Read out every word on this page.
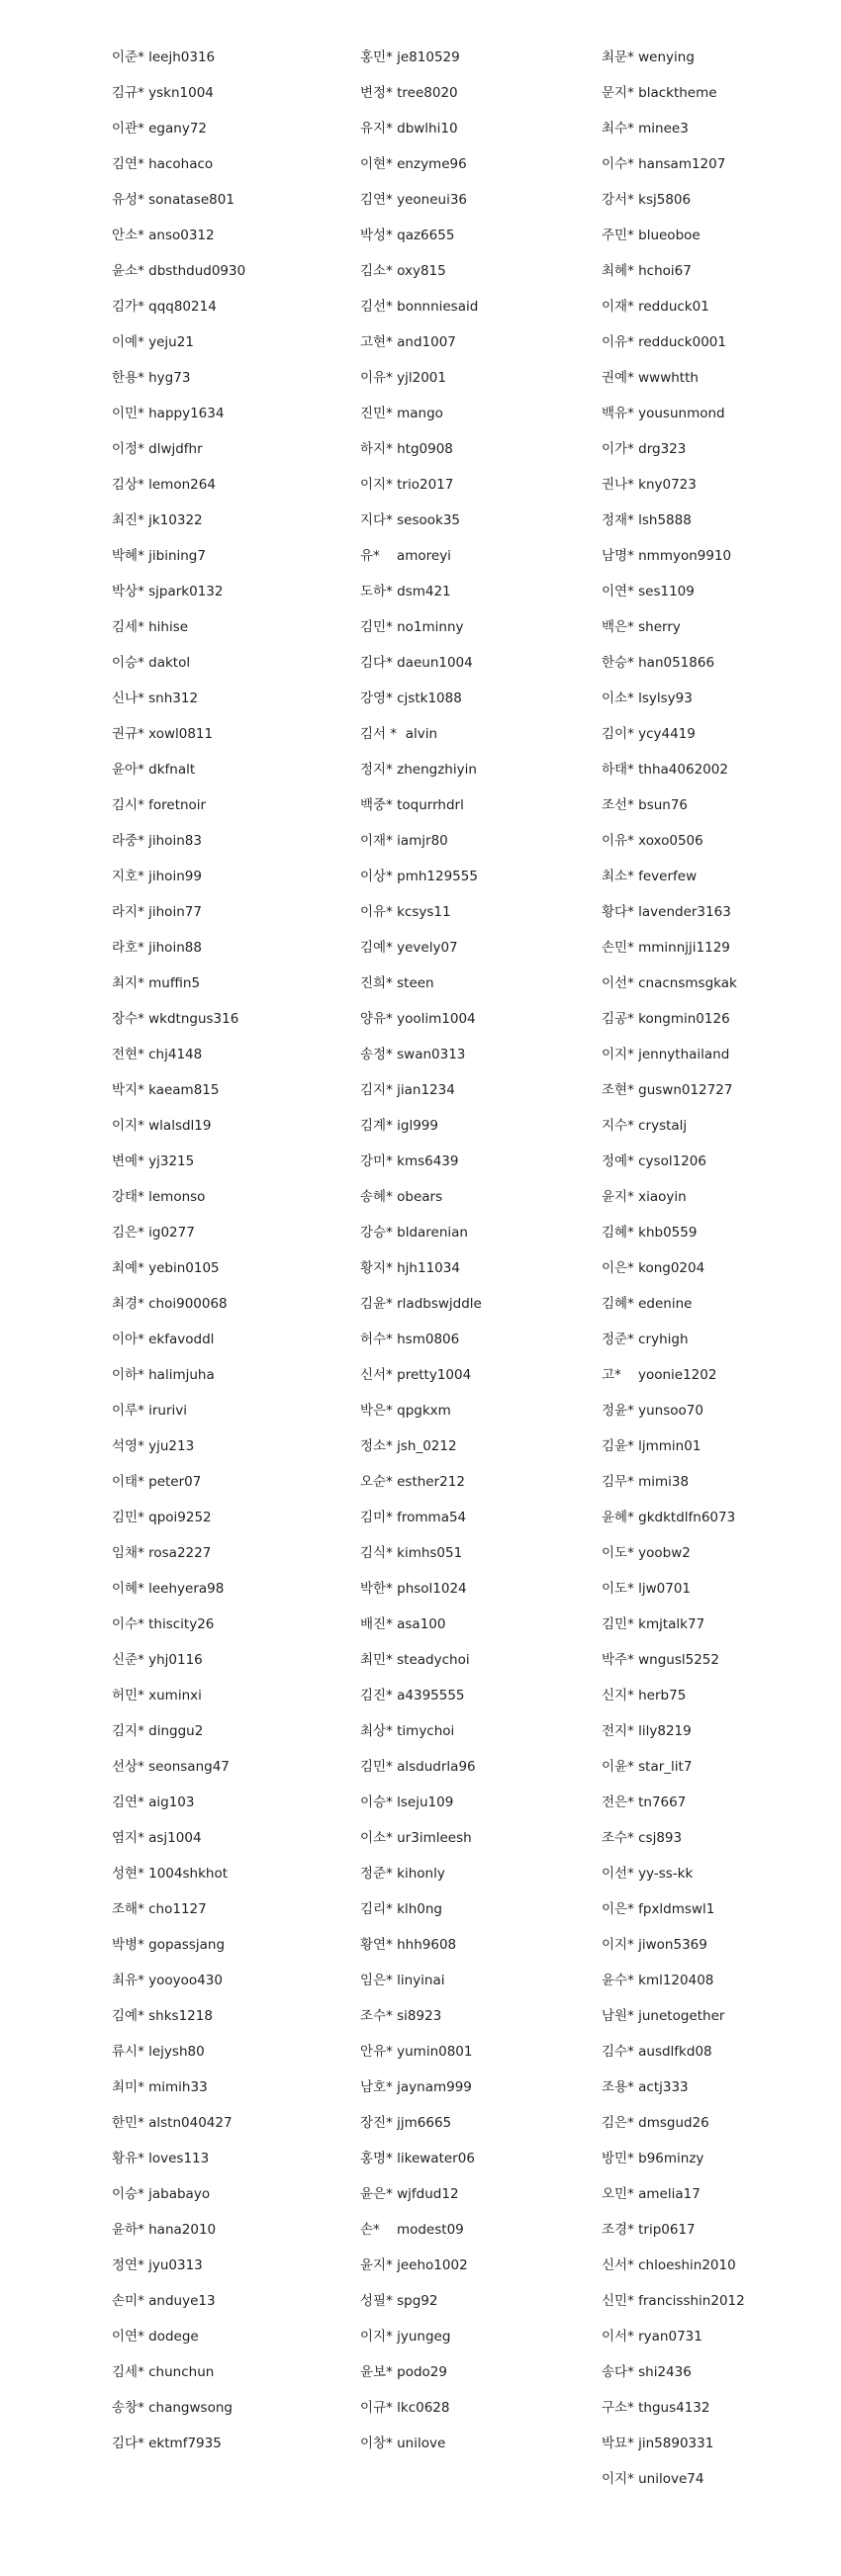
이준* leejh0316
김규* yskn1004
이관* egany72
김연* hacohaco
유성* sonatase801
안소* anso0312
윤소* dbsthdud0930
김가* qqq80214
이예* yeju21
한용* hyg73
이민* happy1634
이정* dlwjdfhr
김상* lemon264
최진* jk10322
박혜* jibining7
박상* sjpark0132
김세* hihise
이승* daktol
신나* snh312
권규* xowl0811
윤아* dkfnalt
김시* foretnoir
라중* jihoin83
지호* jihoin99
라지* jihoin77
라호* jihoin88
최지* muffin5
장수* wkdtngus316
전현* chj4148
박지* kaeam815
이지* wlalsdl19
변예* yj3215
강태* lemonso
김은* ig0277
최예* yebin0105
최경* choi900068
이아* ekfavoddl
이하* halimjuha
이루* irurivi
석영* yju213
이태* peter07
김민* qpoi9252
임채* rosa2227
이혜* leehyera98
이수* thiscity26
신준* yhj0116
허민* xuminxi
김지* dinggu2
선상* seonsang47
김연* aig103
염지* asj1004
성현* 1004shkhot
조해* cho1127
박병* gopassjang
최유* yooyoo430
김예* shks1218
류시* lejysh80
최미* mimih33
한민* alstn040427
황유* loves113
이승* jababayo
윤하* hana2010
정연* jyu0313
손미* anduye13
이연* dodege
김세* chunchun
송창* changwsong
김다* ektmf7935
홍민* je810529
변정* tree8020
유지* dbwlhi10
이현* enzyme96
김연* yeoneui36
박성* qaz6655
김소* oxy815
김선* bonnniesaid
고현* and1007
이유* yjl2001
진민* mango
하지* htg0908
이지* trio2017
지다* sesook35
유*    amoreyi
도하* dsm421
김민* no1minny
김다* daeun1004
강영* cjstk1088
김서 *  alvin
정지* zhengzhiyin
백중* toqurrhdrl
이재* iamjr80
이상* pmh129555
이유* kcsys11
김예* yevely07
진희* steen
양유* yoolim1004
송정* swan0313
김지* jian1234
김계* igl999
강미* kms6439
송혜* obears
강승* bldarenian
황지* hjh11034
김윤* rladbswjddle
허수* hsm0806
신서* pretty1004
박은* qpgkxm
정소* jsh_0212
오순* esther212
김미* fromma54
김식* kimhs051
박한* phsol1024
배진* asa100
최민* steadychoi
김진* a4395555
최상* timychoi
김민* alsdudrla96
이승* lseju109
이소* ur3imleesh
정준* kihonly
김리* klh0ng
황연* hhh9608
임은* linyinai
조수* si8923
안유* yumin0801
남호* jaynam999
장진* jjm6665
홍명* likewater06
윤은* wjfdud12
손*    modest09
윤지* jeeho1002
성필* spg92
이지* jyungeg
윤보* podo29
이규* lkc0628
이창* unilove
최문* wenying
문지* blacktheme
최수* minee3
이수* hansam1207
강서* ksj5806
주민* blueoboe
최혜* hchoi67
이재* redduck01
이유* redduck0001
권예* wwwhtth
백유* yousunmond
이가* drg323
권나* kny0723
정재* lsh5888
남명* nmmyon9910
이연* ses1109
백은* sherry
한승* han051866
이소* lsylsy93
김이* ycy4419
하태* thha4062002
조선* bsun76
이유* xoxo0506
최소* feverfew
황다* lavender3163
손민* mminnjji1129
이선* cnacnsmsgkak
김공* kongmin0126
이지* jennythailand
조현* guswn012727
지수* crystalj
정예* cysol1206
윤지* xiaoyin
김혜* khb0559
이은* kong0204
김혜* edenine
정준* cryhigh
고*    yoonie1202
정윤* yunsoo70
김윤* ljmmin01
김무* mimi38
윤혜* gkdktdlfn6073
이도* yoobw2
이도* ljw0701
김민* kmjtalk77
박주* wngusl5252
신지* herb75
전지* lily8219
이윤* star_lit7
전은* tn7667
조수* csj893
이선* yy-ss-kk
이은* fpxldmswl1
이지* jiwon5369
윤수* kml120408
남원* junetogether
김수* ausdlfkd08
조용* actj333
김은* dmsgud26
방민* b96minzy
오민* amelia17
조경* trip0617
신서* chloeshin2010
신민* francisshin2012
이서* ryan0731
송다* shi2436
구소* thgus4132
박묘* jin5890331
이지* unilove74
